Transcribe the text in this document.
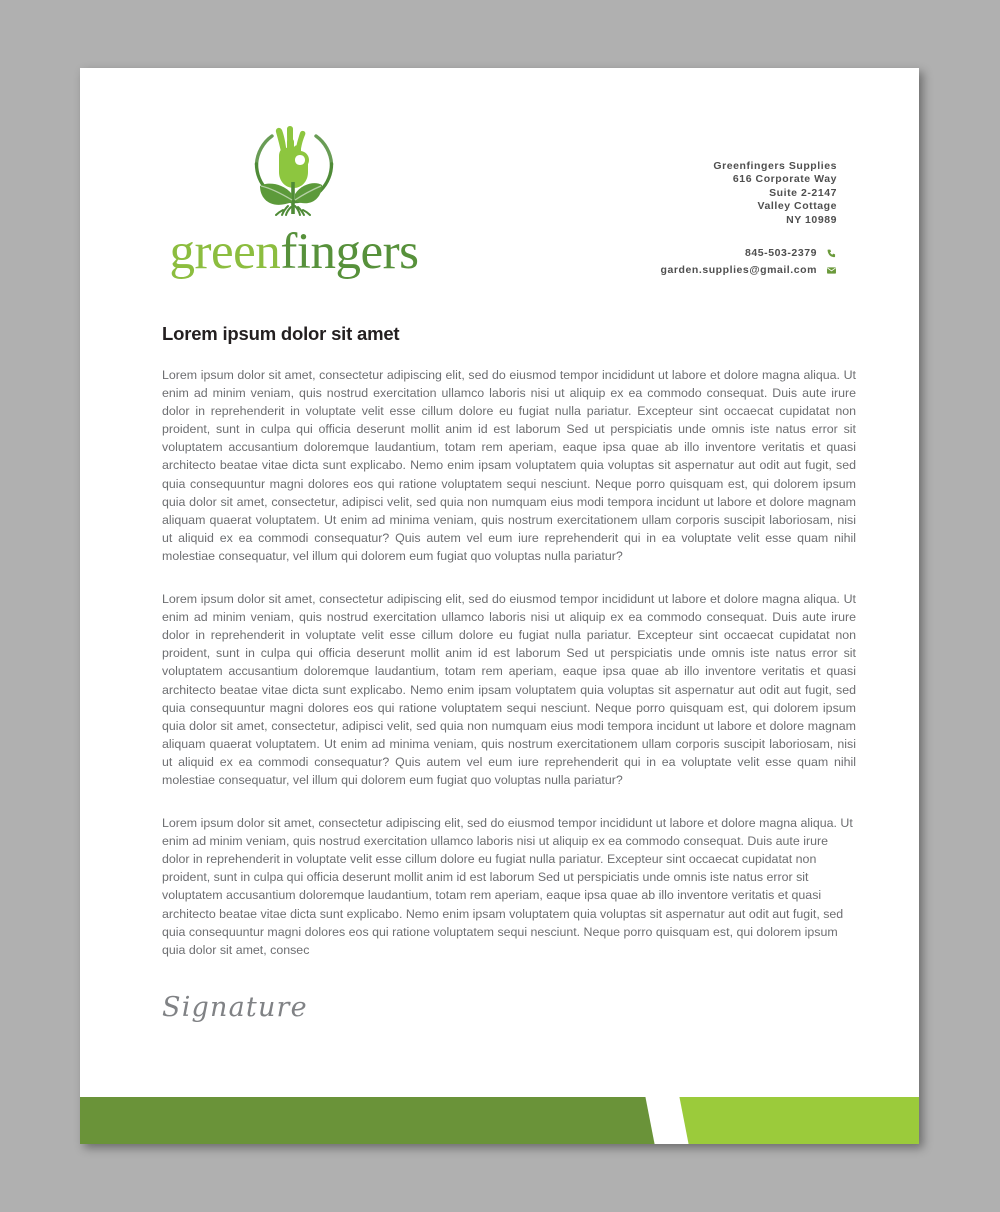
greenfingers
Greenfingers Supplies
616 Corporate Way
Suite 2-2147
Valley Cottage
NY 10989
845-503-2379
garden.supplies@gmail.com
Lorem ipsum dolor sit amet

Lorem ipsum dolor sit amet, consectetur adipiscing elit, sed do eiusmod tempor incididunt ut labore et dolore magna aliqua. Ut enim ad minim veniam, quis nostrud exercitation ullamco laboris nisi ut aliquip ex ea commodo consequat. Duis aute irure dolor in reprehenderit in voluptate velit esse cillum dolore eu fugiat nulla pariatur. Excepteur sint occaecat cupidatat non proident, sunt in culpa qui officia deserunt mollit anim id est laborum Sed ut perspiciatis unde omnis iste natus error sit voluptatem accusantium doloremque laudantium, totam rem aperiam, eaque ipsa quae ab illo inventore veritatis et quasi architecto beatae vitae dicta sunt explicabo. Nemo enim ipsam voluptatem quia voluptas sit aspernatur aut odit aut fugit, sed quia consequuntur magni dolores eos qui ratione voluptatem sequi nesciunt. Neque porro quisquam est, qui dolorem ipsum quia dolor sit amet, consectetur, adipisci velit, sed quia non numquam eius modi tempora incidunt ut labore et dolore magnam aliquam quaerat voluptatem. Ut enim ad minima veniam, quis nostrum exercitationem ullam corporis suscipit laboriosam, nisi ut aliquid ex ea commodi consequatur? Quis autem vel eum iure reprehenderit qui in ea voluptate velit esse quam nihil molestiae consequatur, vel illum qui dolorem eum fugiat quo voluptas nulla pariatur?

Lorem ipsum dolor sit amet, consectetur adipiscing elit, sed do eiusmod tempor incididunt ut labore et dolore magna aliqua. Ut enim ad minim veniam, quis nostrud exercitation ullamco laboris nisi ut aliquip ex ea commodo consequat. Duis aute irure dolor in reprehenderit in voluptate velit esse cillum dolore eu fugiat nulla pariatur. Excepteur sint occaecat cupidatat non proident, sunt in culpa qui officia deserunt mollit anim id est laborum Sed ut perspiciatis unde omnis iste natus error sit voluptatem accusantium doloremque laudantium, totam rem aperiam, eaque ipsa quae ab illo inventore veritatis et quasi architecto beatae vitae dicta sunt explicabo. Nemo enim ipsam voluptatem quia voluptas sit aspernatur aut odit aut fugit, sed quia consequuntur magni dolores eos qui ratione voluptatem sequi nesciunt. Neque porro quisquam est, qui dolorem ipsum quia dolor sit amet, consectetur, adipisci velit, sed quia non numquam eius modi tempora incidunt ut labore et dolore magnam aliquam quaerat voluptatem. Ut enim ad minima veniam, quis nostrum exercitationem ullam corporis suscipit laboriosam, nisi ut aliquid ex ea commodi consequatur? Quis autem vel eum iure reprehenderit qui in ea voluptate velit esse quam nihil molestiae consequatur, vel illum qui dolorem eum fugiat quo voluptas nulla pariatur?

Lorem ipsum dolor sit amet, consectetur adipiscing elit, sed do eiusmod tempor incididunt ut labore et dolore magna aliqua. Ut enim ad minim veniam, quis nostrud exercitation ullamco laboris nisi ut aliquip ex ea commodo consequat. Duis aute irure dolor in reprehenderit in voluptate velit esse cillum dolore eu fugiat nulla pariatur. Excepteur sint occaecat cupidatat non proident, sunt in culpa qui officia deserunt mollit anim id est laborum Sed ut perspiciatis unde omnis iste natus error sit voluptatem accusantium doloremque laudantium, totam rem aperiam, eaque ipsa quae ab illo inventore veritatis et quasi architecto beatae vitae dicta sunt explicabo. Nemo enim ipsam voluptatem quia voluptas sit aspernatur aut odit aut fugit, sed quia consequuntur magni dolores eos qui ratione voluptatem sequi nesciunt. Neque porro quisquam est, qui dolorem ipsum quia dolor sit amet, consec

Signature
